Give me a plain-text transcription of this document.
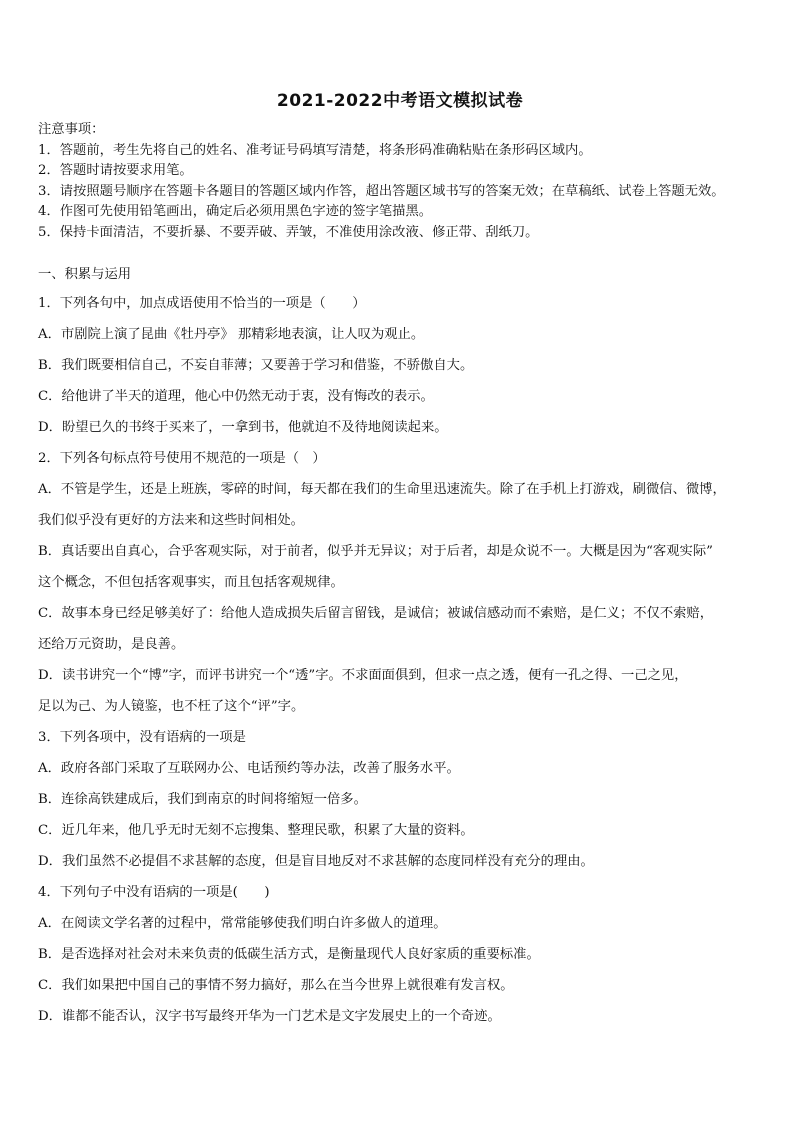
2021-2022中考语文模拟试卷
注意事项：
1．答题前，考生先将自己的姓名、准考证号码填写清楚，将条形码准确粘贴在条形码区域内。
2．答题时请按要求用笔。
3．请按照题号顺序在答题卡各题目的答题区域内作答，超出答题区域书写的答案无效；在草稿纸、试卷上答题无效。
4．作图可先使用铅笔画出，确定后必须用黑色字迹的签字笔描黑。
5．保持卡面清洁，不要折暴、不要弄破、弄皱，不准使用涂改液、修正带、刮纸刀。
一、积累与运用
1．下列各句中，加点成语使用不恰当的一项是（　　）
A．市剧院上演了昆曲《牡丹亭》 那精彩地表演，让人叹为观止。
B．我们既要相信自己，不妄自菲薄；又要善于学习和借鉴，不骄傲自大。
C．给他讲了半天的道理，他心中仍然无动于衷，没有悔改的表示。
D．盼望已久的书终于买来了，一拿到书，他就迫不及待地阅读起来。
2．下列各句标点符号使用不规范的一项是（　）
A．不管是学生，还是上班族，零碎的时间，每天都在我们的生命里迅速流失。除了在手机上打游戏，刷微信、微博，
我们似乎没有更好的方法来和这些时间相处。
B．真话要出自真心，合乎客观实际，对于前者，似乎并无异议；对于后者，却是众说不一。大概是因为“客观实际”
这个概念，不但包括客观事实，而且包括客观规律。
C．故事本身已经足够美好了：给他人造成损失后留言留钱，是诚信；被诚信感动而不索赔，是仁义；不仅不索赔，
还给万元资助，是良善。
D．读书讲究一个“博”字，而评书讲究一个“透”字。不求面面俱到，但求一点之透，便有一孔之得、一己之见，
足以为己、为人镜鉴，也不枉了这个“评”字。
3．下列各项中，没有语病的一项是
A．政府各部门采取了互联网办公、电话预约等办法，改善了服务水平。
B．连徐高铁建成后，我们到南京的时间将缩短一倍多。
C．近几年来，他几乎无时无刻不忘搜集、整理民歌，积累了大量的资料。
D．我们虽然不必提倡不求甚解的态度，但是盲目地反对不求甚解的态度同样没有充分的理由。
4．下列句子中没有语病的一项是(　　)
A．在阅读文学名著的过程中，常常能够使我们明白许多做人的道理。
B．是否选择对社会对未来负责的低碳生活方式，是衡量现代人良好家质的重要标准。
C．我们如果把中国自己的事情不努力搞好，那么在当今世界上就很难有发言权。
D．谁都不能否认，汉字书写最终开华为一门艺术是文字发展史上的一个奇迹。
